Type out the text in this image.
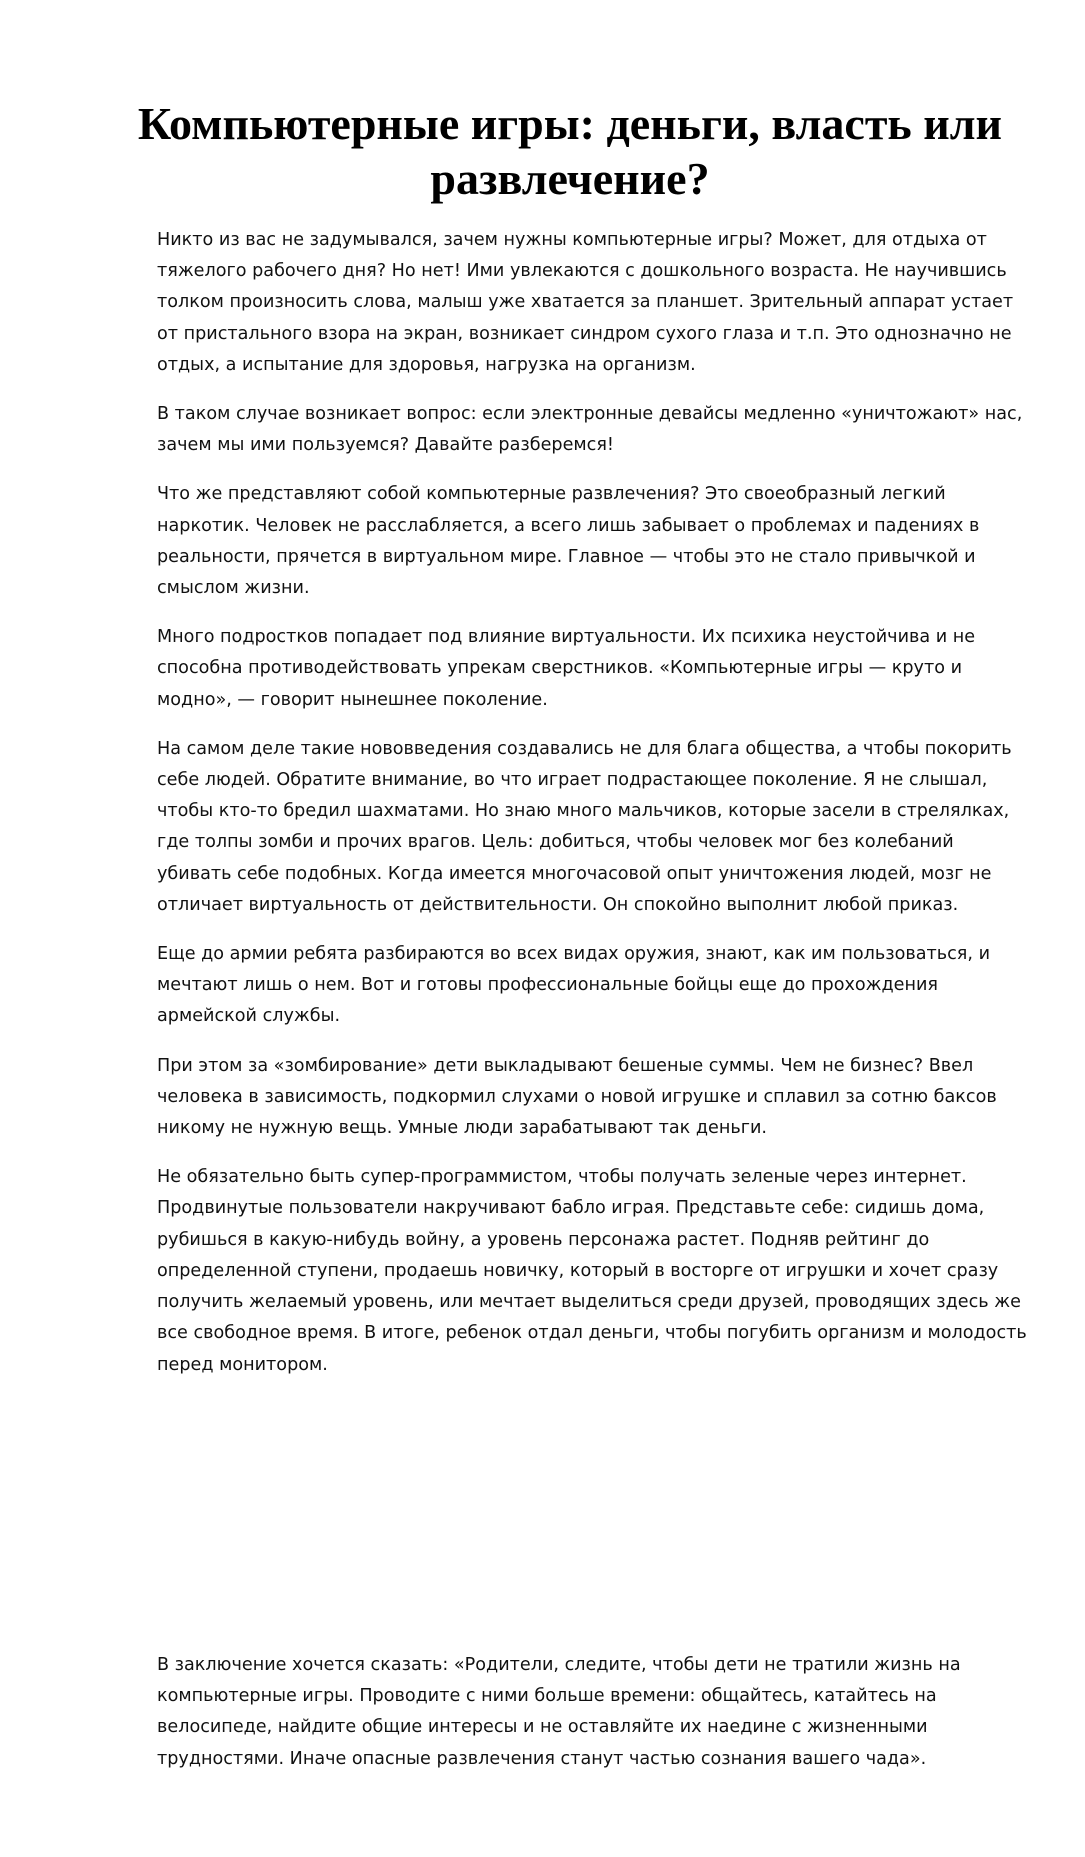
Компьютерные игры: деньги, власть или развлечение?

Никто из вас не задумывался, зачем нужны компьютерные игры? Может, для отдыха от тяжелого рабочего дня? Но нет! Ими увлекаются с дошкольного возраста. Не научившись толком произносить слова, малыш уже хватается за планшет. Зрительный аппарат устает от пристального взора на экран, возникает синдром сухого глаза и т.п. Это однозначно не отдых, а испытание для здоровья, нагрузка на организм.

В таком случае возникает вопрос: если электронные девайсы медленно «уничтожают» нас, зачем мы ими пользуемся? Давайте разберемся!

Что же представляют собой компьютерные развлечения? Это своеобразный легкий наркотик. Человек не расслабляется, а всего лишь забывает о проблемах и падениях в реальности, прячется в виртуальном мире. Главное — чтобы это не стало привычкой и смыслом жизни.

Много подростков попадает под влияние виртуальности. Их психика неустойчива и не способна противодействовать упрекам сверстников. «Компьютерные игры — круто и модно», — говорит нынешнее поколение.

На самом деле такие нововведения создавались не для блага общества, а чтобы покорить себе людей. Обратите внимание, во что играет подрастающее поколение. Я не слышал, чтобы кто-то бредил шахматами. Но знаю много мальчиков, которые засели в стрелялках, где толпы зомби и прочих врагов. Цель: добиться, чтобы человек мог без колебаний убивать себе подобных. Когда имеется многочасовой опыт уничтожения людей, мозг не отличает виртуальность от действительности. Он спокойно выполнит любой приказ.

Еще до армии ребята разбираются во всех видах оружия, знают, как им пользоваться, и мечтают лишь о нем. Вот и готовы профессиональные бойцы еще до прохождения армейской службы.

При этом за «зомбирование» дети выкладывают бешеные суммы. Чем не бизнес? Ввел человека в зависимость, подкормил слухами о новой игрушке и сплавил за сотню баксов никому не нужную вещь. Умные люди зарабатывают так деньги.

Не обязательно быть супер-программистом, чтобы получать зеленые через интернет. Продвинутые пользователи накручивают бабло играя. Представьте себе: сидишь дома, рубишься в какую-нибудь войну, а уровень персонажа растет. Подняв рейтинг до определенной ступени, продаешь новичку, который в восторге от игрушки и хочет сразу получить желаемый уровень, или мечтает выделиться среди друзей, проводящих здесь же все свободное время. В итоге, ребенок отдал деньги, чтобы погубить организм и молодость перед монитором.

В заключение хочется сказать: «Родители, следите, чтобы дети не тратили жизнь на компьютерные игры. Проводите с ними больше времени: общайтесь, катайтесь на велосипеде, найдите общие интересы и не оставляйте их наедине с жизненными трудностями. Иначе опасные развлечения станут частью сознания вашего чада».
